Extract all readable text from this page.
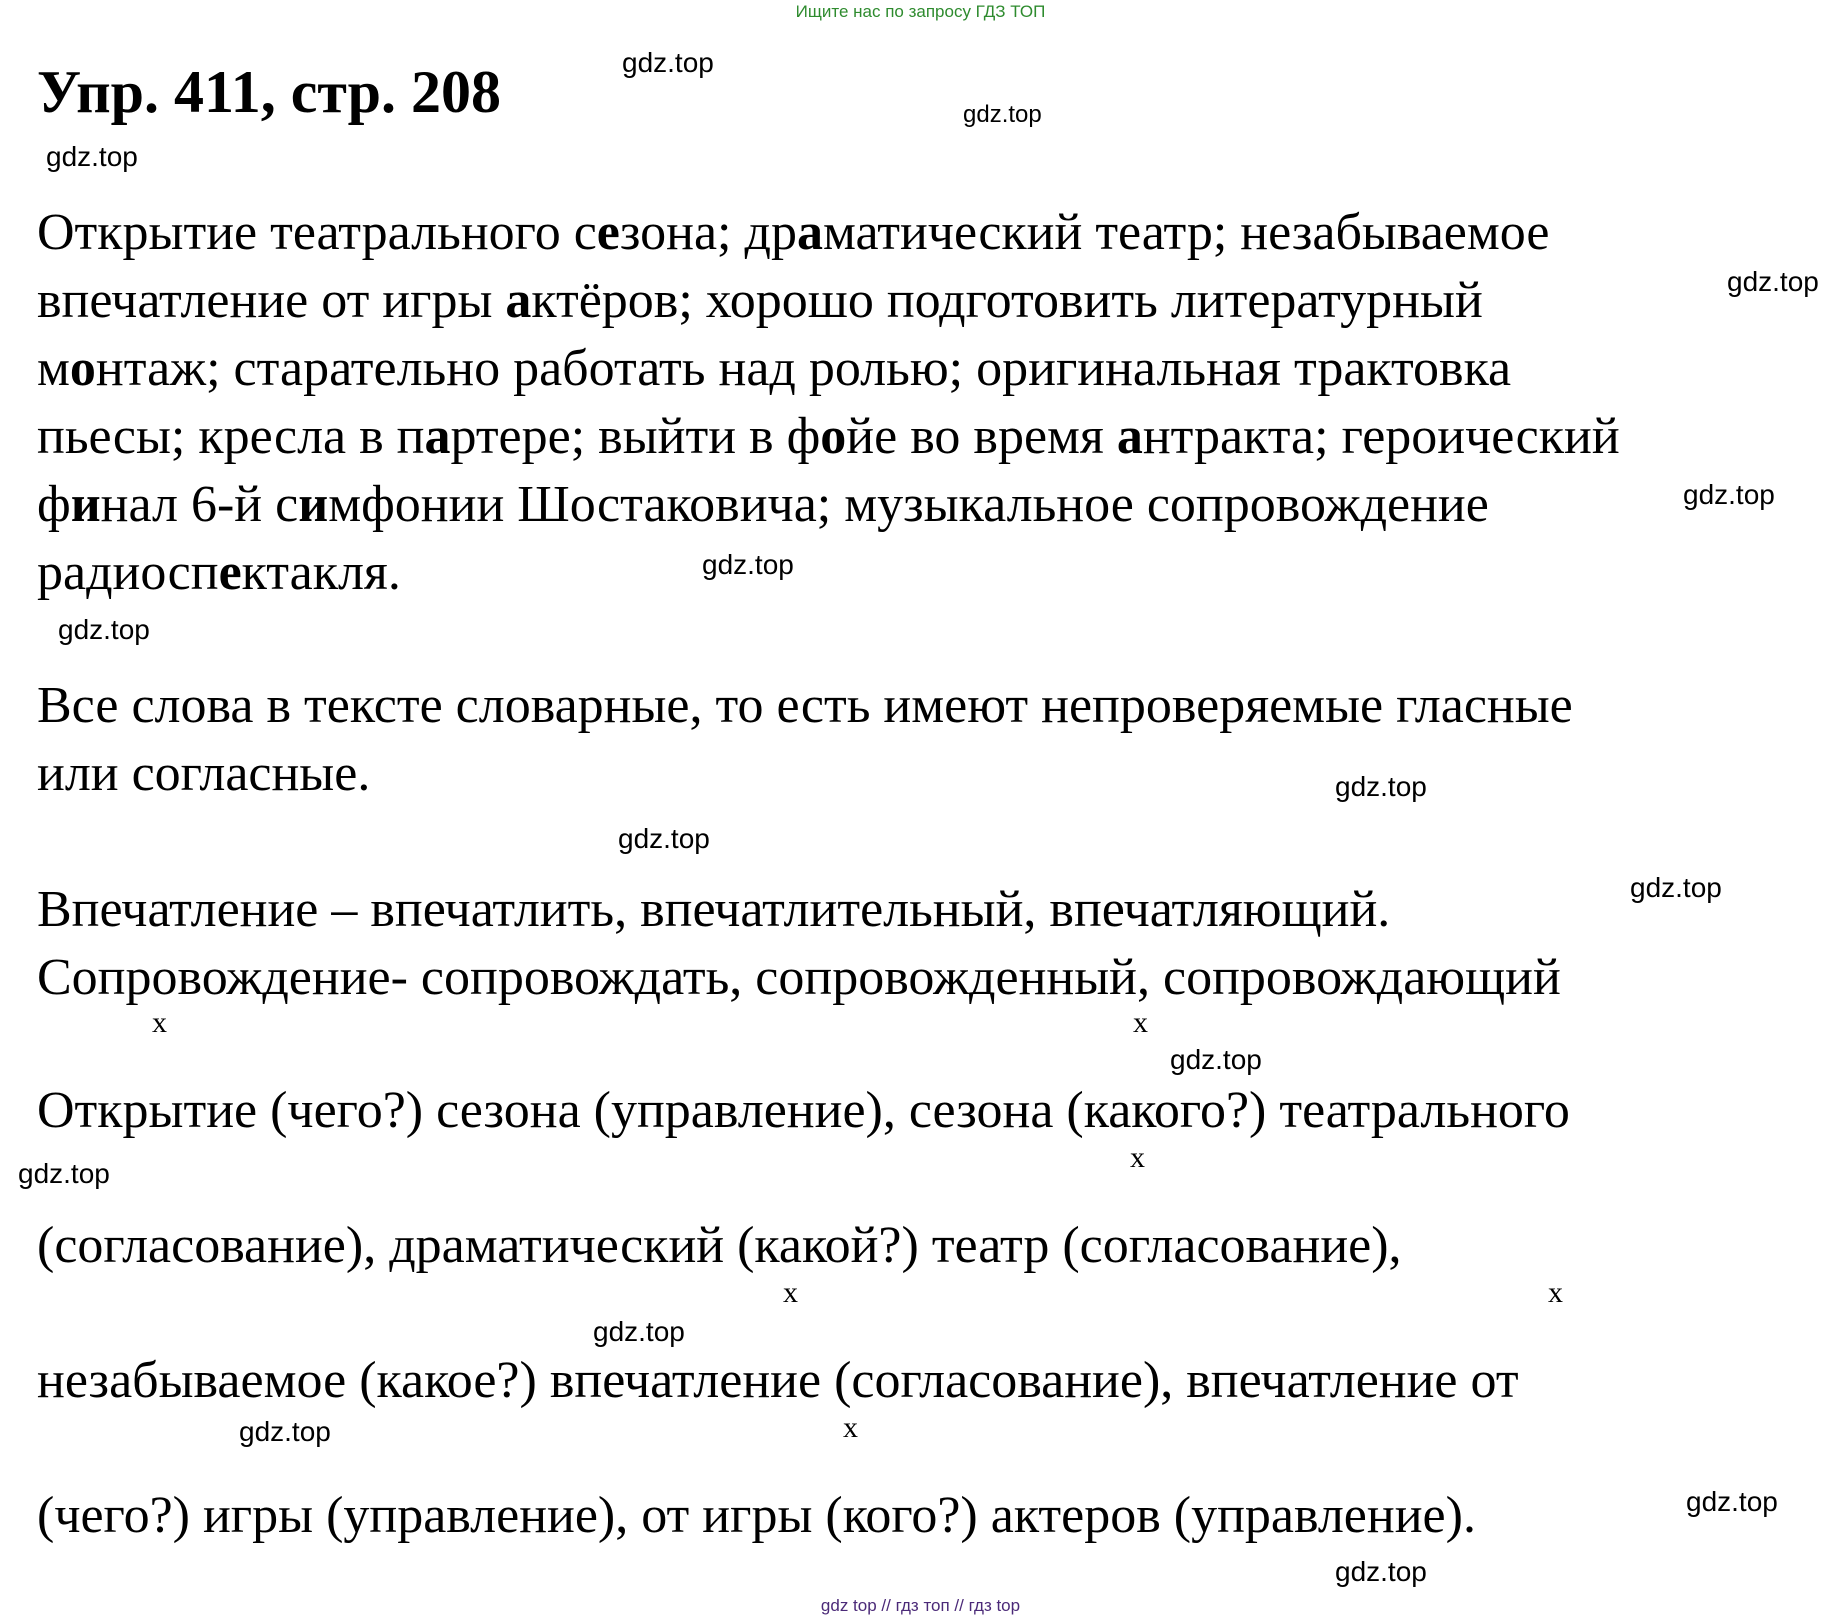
Ищите нас по запросу ГДЗ ТОП
Упр. 411, стр. 208
Открытие театрального сезона; драматический театр; незабываемое
впечатление от игры актёров; хорошо подготовить литературный
монтаж; старательно работать над ролью; оригинальная трактовка
пьесы; кресла в партере; выйти в фойе во время антракта; героический
финал 6-й симфонии Шостаковича; музыкальное сопровождение
радиоспектакля.
Все слова в тексте словарные, то есть имеют непроверяемые гласные
или согласные.
Впечатление – впечатлить, впечатлительный, впечатляющий.
Сопровождение- сопровождать, сопровожденный, сопровождающий
Открытие (чего?) сезона (управление), сезона (какого?) театрального
(согласование), драматический (какой?) театр (согласование),
незабываемое (какое?) впечатление (согласование), впечатление от
(чего?) игры (управление), от игры (кого?) актеров (управление).
x	x
x
x	x
x
gdz.top
gdz.top
gdz.top
gdz.top
gdz.top
gdz.top
gdz.top
gdz.top
gdz.top
gdz.top
gdz.top
gdz.top
gdz.top
gdz.top
gdz.top
gdz.top
gdz top // гдз топ // гдз top
